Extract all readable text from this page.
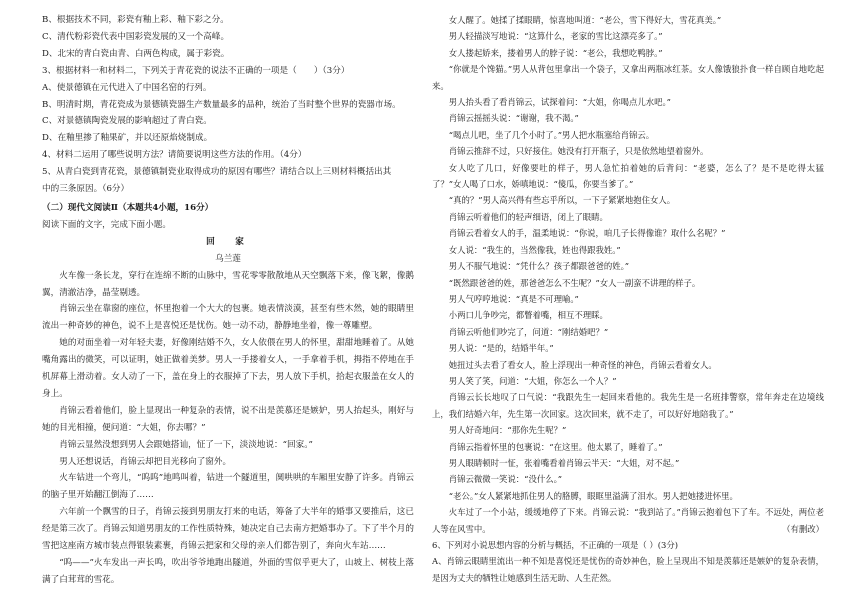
B、根据技术不同，彩瓷有釉上彩、釉下彩之分。
C、清代粉彩瓷代表中国彩瓷发展的又一个高峰。
D、北宋的青白瓷由青、白两色构成，属于彩瓷。
3、根据材料一和材料二，下列关于青花瓷的说法不正确的一项是（　　）（3分）
A、使景德镇在元代进入了中国名窑的行列。
B、明清时期，青花瓷成为景德镇瓷器生产数量最多的品种，统治了当时整个世界的瓷器市场。
C、对景德镇陶瓷发展的影响超过了青白瓷。
D、在釉里掺了釉果矿，并以还原焰烧制成。
4、材料二运用了哪些说明方法？请简要说明这些方法的作用。（4分）
5、从青白瓷到青花瓷，景德镇制瓷业取得成功的原因有哪些？请结合以上三则材料概括出其
中的三条原因。（6分）
（二）现代文阅读Ⅱ（本题共4小题，16分）
阅读下面的文字，完成下面小题。
回　家
乌兰莲
火车像一条长龙，穿行在连绵不断的山脉中，雪花零零散散地从天空飘落下来，像飞絮，像鹅翼，清澈洁净，晶莹剔透。
肖锦云坐在靠窗的座位，怀里抱着一个大大的包裹。她表情淡漠，甚至有些木然，她的眼睛里流出一种奇妙的神色，说不上是喜悦还是忧伤。她一动不动，静静地坐着，像一尊雕塑。
她的对面坐着一对年轻夫妻，好像刚结婚不久，女人依偎在男人的怀里，甜甜地睡着了。从她嘴角露出的微笑，可以证明，她正做着美梦。男人一手搂着女人，一手拿着手机，拇指不停地在手机屏幕上滑动着。女人动了一下，盖在身上的衣服掉了下去，男人放下手机，拾起衣服盖在女人的身上。
肖锦云看着他们，脸上显现出一种复杂的表情，说不出是羡慕还是嫉妒，男人抬起头，刚好与她的目光相撞，便问道：“大姐，你去哪？”
肖锦云显然没想到男人会跟她搭讪，怔了一下，淡淡地说：“回家。”
男人还想说话，肖锦云却把目光移向了窗外。
火车钻进一个弯儿，“呜呜”地鸣叫着，钻进一个隧道里，阒哄哄的车厢里安静了许多。肖锦云的脑子里开始翻江倒海了……
六年前一个飘雪的日子，肖锦云接到男朋友打来的电话，筹备了大半年的婚事又要推后，这已经是第三次了。肖锦云知道男朋友的工作性质特殊，她决定自己去南方把婚事办了。下了半个月的雪把这座南方城市装点得银装素裹，肖锦云把家和父母的亲人们都告别了，奔向火车站……
“呜——”火车发出一声长鸣，吹出爷爷地跑出隧道，外面的雪似乎更大了，山坡上、树枝上落满了白茸茸的雪花。
女人醒了。她揉了揉眼睛，惊喜地叫道：“老公，雪下得好大，雪花真美。”
男人轻描淡写地说：“这算什么，老家的雪比这漂亮多了。”
女人搂起娇来，搂着男人的脖子说：“老公，我想吃鸭脖。”
“你就是个馋猫。”男人从背包里拿出一个袋子，又拿出两瓶冰红茶。女人像饿狼扑食一样自顾自地吃起来。
男人抬头看了看肖锦云，试探着问：“大姐，你喝点儿水吧。”
肖锦云摇摇头说：“谢谢，我不渴。”
“喝点儿吧，坐了几个小时了。”男人把水瓶塞给肖锦云。
肖锦云推辞不过，只好接住。她没有打开瓶子，只是依然地望着窗外。
女人吃了几口，好像要吐的样子，男人急忙拍着她的后背问：“老婆，怎么了？是不是吃得太猛了？”女人喝了口水，娇嗔地说：“傻瓜，你要当爹了。”
“真的？”男人高兴得有些忘乎所以，一下子紧紧地抱住女人。
肖锦云听着他们的轻声细语，闭上了眼睛。
肖锦云看着女人的手，温柔地说：“你说，咱几子长得像谁？取什么名呢？”
女人说：“我生的，当然像我，姓也得跟我姓。”
男人不服气地说：“凭什么？孩子都跟爸爸的姓。”
“既然跟爸爸的姓，那爸爸怎么不生呢？”女人一副蛮不讲理的样子。
男人气哼哼地说：“真是不可理喻。”
小两口儿争吵完，都瞥着嘴，相互不理睬。
肖锦云听他们吵完了，问道：“刚结婚吧？”
男人说：“是的，结婚半年。”
她扭过头去看了看女人，脸上浮现出一种奇怪的神色，肖锦云看着女人。
男人笑了笑，问道：“大姐，你怎么一个人？”
肖锦云长长地叹了口气说：“我跟先生一起回来看他的。我先生是一名班排警察，常年奔走在边境线上，我们结婚六年，先生第一次回家。这次回来，就不走了，可以好好地陪我了。”
男人好奇地问：“那你先生呢？”
肖锦云指着怀里的包裹说：“在这里。他太累了，睡着了。”
男人眼睛顿时一怔，张着嘴看着肖锦云半天：“大姐，对不起。”
肖锦云微微一笑说：“没什么。”
“老公。”女人紧紧地抓住男人的胳膊，眼眶里溢满了泪水。男人把她搂进怀里。
火车过了一个小站，缓缓地停了下来。肖锦云说：“我到站了。”肖锦云抱着包下了车。不远处，两位老人等在风雪中。	（有删改）
6、下列对小说思想内容的分析与概括，不正确的一项是（ ）(3分)
A、肖锦云眼睛里流出一种不知是喜悦还是忧伤的奇妙神色，脸上呈现出不知是羡慕还是嫉妒的复杂表情，是因为丈夫的牺牲让她感到生活无助、人生茫然。
